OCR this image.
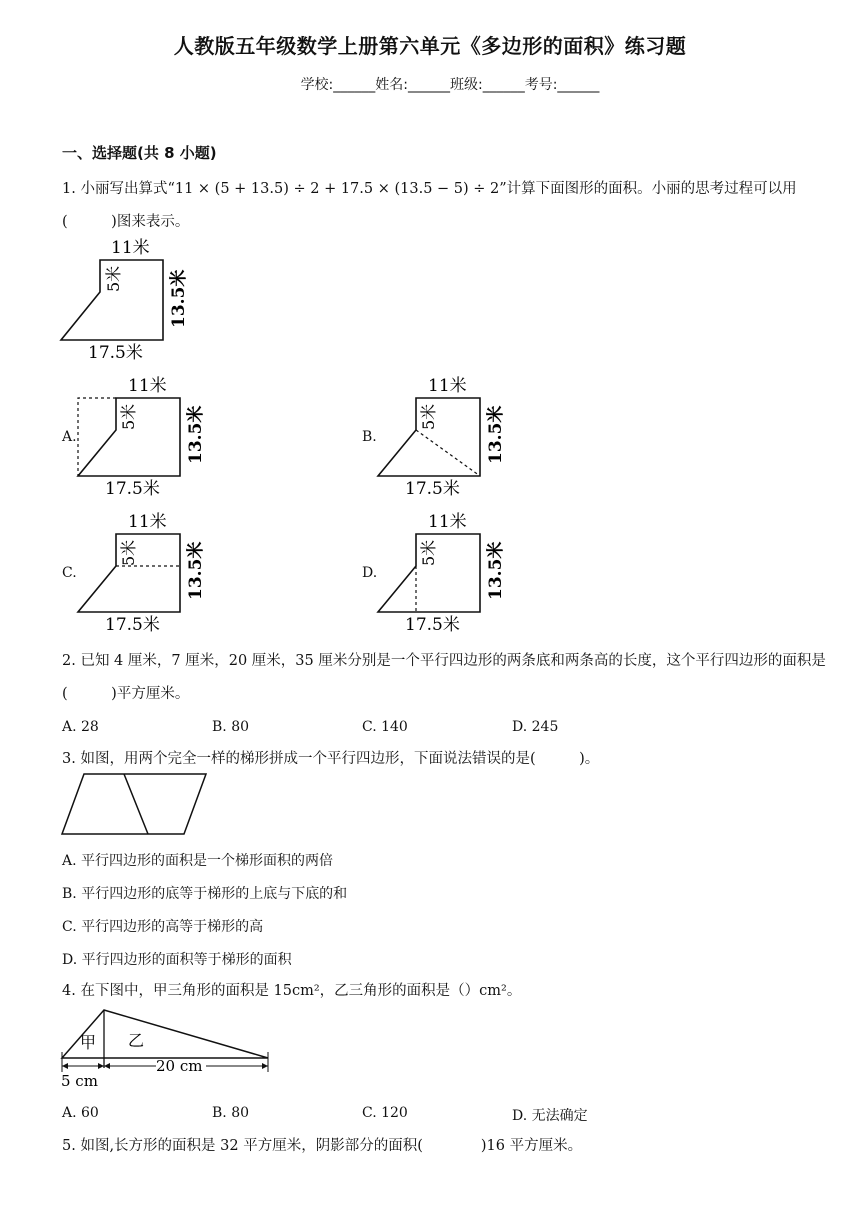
人教版五年级数学上册第六单元《多边形的面积》练习题
学校:______姓名:______班级:______考号:______
一、选择题(共 8 小题)
1. 小丽写出算式“11 × (5 + 13.5) ÷ 2 + 17.5 × (13.5 − 5) ÷ 2”计算下面图形的面积。小丽的思考过程可以用(　　　)图来表示。
11米
5米	13.5米
17.5米
A.
11米
5米	13.5米
17.5米
B.
11米
5米	13.5米
17.5米
C.
11米
5米	13.5米
17.5米
D.
11米
5米	13.5米
17.5米
2. 已知 4 厘米，7 厘米，20 厘米，35 厘米分别是一个平行四边形的两条底和两条高的长度，这个平行四边形的面积是(　　　)平方厘米。
A. 28	B. 80	C. 140	D. 245
3. 如图，用两个完全一样的梯形拼成一个平行四边形，下面说法错误的是(　　　)。
A. 平行四边形的面积是一个梯形面积的两倍
B. 平行四边形的底等于梯形的上底与下底的和
C. 平行四边形的高等于梯形的高
D. 平行四边形的面积等于梯形的面积
4. 在下图中，甲三角形的面积是 15cm²，乙三角形的面积是（）cm²。
甲 乙
5 cm
20 cm
A. 60	B. 80	C. 120	D. 无法确定
5. 如图,长方形的面积是 32 平方厘米，阴影部分的面积(　　　　)16 平方厘米。
